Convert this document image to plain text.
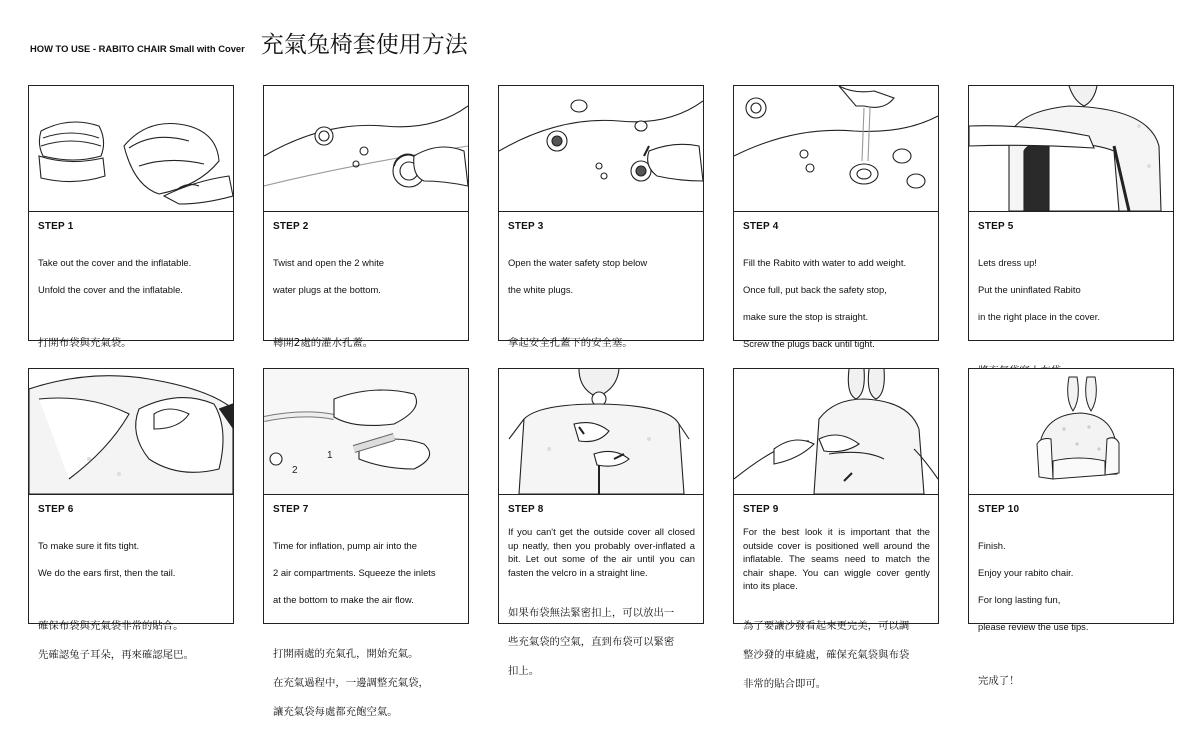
HOW TO USE - RABITO CHAIR Small with Cover 充氣兔椅套使用方法
STEP 1

Take out the cover and the inflatable.

Unfold the cover and the inflatable.

打開布袋與充氣袋。

STEP 2

Twist and open the 2 white

water plugs at the bottom.

轉開2處的灌水孔蓋。

STEP 3

Open the water safety stop below

the white plugs.

拿起安全孔蓋下的安全塞。

STEP 4

Fill the Rabito with water to add weight.

Once full, put back the safety stop,

make sure the stop is straight.

Screw the plugs back until tight.

STEP 5

Lets dress up!

Put the uninflated Rabito

in the right place in the cover.

STEP 6

To make sure it fits tight.

We do the ears first, then the tail.

確保布袋與充氣袋非常的貼合。

先確認兔子耳朵，再來確認尾巴。

1
2
STEP 7

Time for inflation, pump air into the

2 air compartments. Squeeze the inlets

at the bottom to make the air flow.

打開兩處的充氣孔，開始充氣。

在充氣過程中，一邊調整充氣袋，

讓充氣袋每處都充飽空氣。

STEP 8
If you can't get the outside cover all closed up neatly, then you probably over-inflated a bit. Let out some of the air until you can fasten the velcro in a straight line.

如果布袋無法緊密扣上，可以放出一

些充氣袋的空氣，直到布袋可以緊密

扣上。

STEP 9
For the best look it is important that the outside cover is positioned well around the inflatable. The seams need to match the chair shape. You can wiggle cover gently into its place.

為了要讓沙發看起來更完美，可以調

整沙發的車縫處，確保充氣袋與布袋

非常的貼合即可。

STEP 10

Finish.

Enjoy your rabito chair.

For long lasting fun,

please review the use tips.

完成了！
